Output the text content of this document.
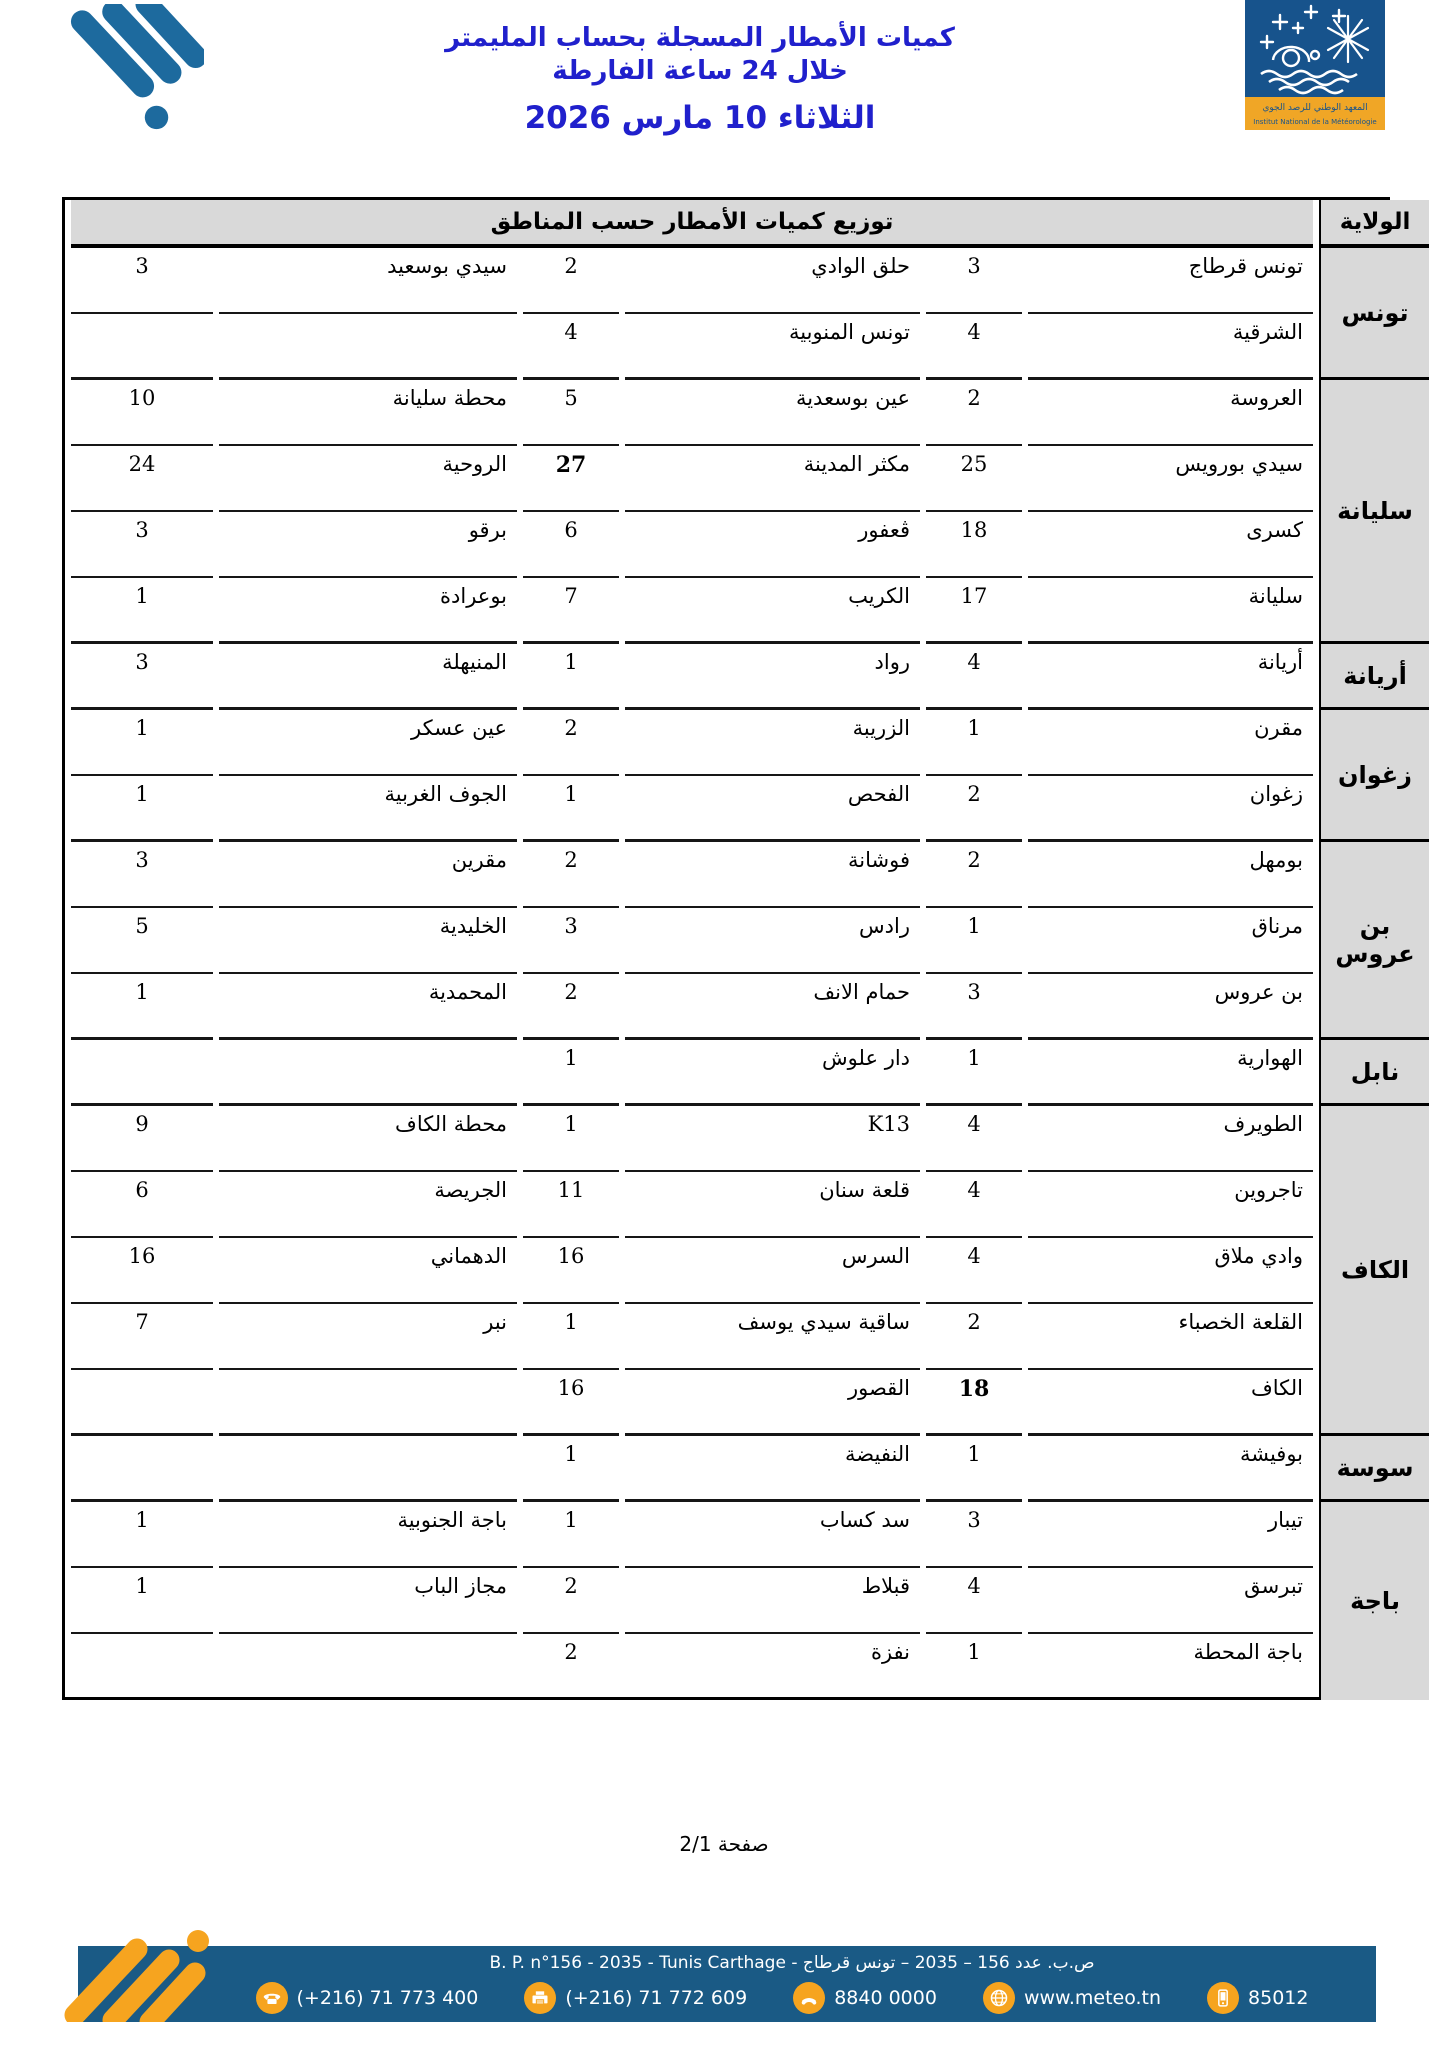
كميات الأمطار المسجلة بحساب المليمتر
خلال 24 ساعة الفارطة
الثلاثاء 10 مارس 2026	المعهد الوطني للرصد الجوي
Institut National de la Météorologie
الولاية	توزيع كميات الأمطار حسب المناطق					
تونس	تونس قرطاج	3	حلق الوادي	2	سيدي بوسعيد	3
	الشرقية	4	تونس المنوبية	4		
سليانة	العروسة	2	عين بوسعدية	5	محطة سليانة	10
	سيدي بورويس	25	مكثر المدينة	27	الروحية	24
	كسرى	18	ڨعفور	6	برقو	3
	سليانة	17	الكريب	7	بوعرادة	1
أريانة	أريانة	4	رواد	1	المنيهلة	3
زغوان	مقرن	1	الزريبة	2	عين عسكر	1
	زغوان	2	الفحص	1	الجوف الغربية	1
بن عروس	بومهل	2	فوشانة	2	مقرين	3
	مرناق	1	رادس	3	الخليدية	5
	بن عروس	3	حمام الانف	2	المحمدية	1
نابل	الهوارية	1	دار علوش	1		
الكاف	الطويرف	4	K13	1	محطة الكاف	9
	تاجروين	4	قلعة سنان	11	الجريصة	6
	وادي ملاق	4	السرس	16	الدهماني	16
	القلعة الخصباء	2	ساقية سيدي يوسف	1	نبر	7
	الكاف	18	القصور	16		
سوسة	بوفيشة	1	النفيضة	1		
باجة	تيبار	3	سد كساب	1	باجة الجنوبية	1
	تبرسق	4	قبلاط	2	مجاز الباب	1
	باجة المحطة	1	نفزة	2		
صفحة 2/1
ص.ب. عدد 156 – 2035 – تونس قرطاج - B. P. n°156 - 2035 - Tunis Carthage
(+216) 71 773 400	(+216) 71 772 609	8840 0000	www.meteo.tn	85012
